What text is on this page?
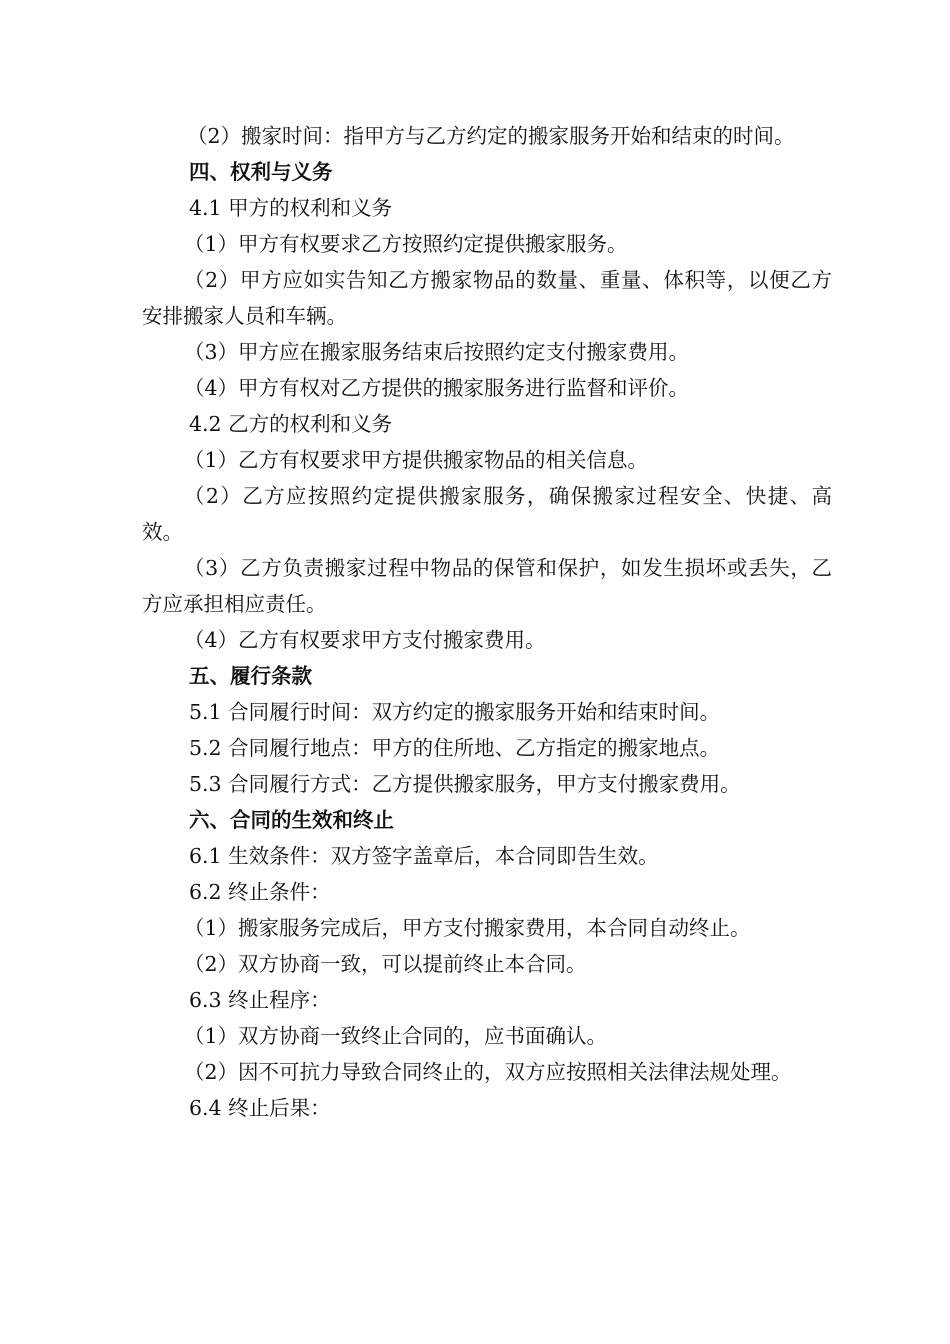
（2）搬家时间：指甲方与乙方约定的搬家服务开始和结束的时间。

四、权利与义务

4.1 甲方的权利和义务

（1）甲方有权要求乙方按照约定提供搬家服务。

（2）甲方应如实告知乙方搬家物品的数量、重量、体积等，以便乙方安排搬家人员和车辆。

（3）甲方应在搬家服务结束后按照约定支付搬家费用。

（4）甲方有权对乙方提供的搬家服务进行监督和评价。

4.2 乙方的权利和义务

（1）乙方有权要求甲方提供搬家物品的相关信息。

（2）乙方应按照约定提供搬家服务，确保搬家过程安全、快捷、高效。

（3）乙方负责搬家过程中物品的保管和保护，如发生损坏或丢失，乙方应承担相应责任。

（4）乙方有权要求甲方支付搬家费用。

五、履行条款

5.1 合同履行时间：双方约定的搬家服务开始和结束时间。

5.2 合同履行地点：甲方的住所地、乙方指定的搬家地点。

5.3 合同履行方式：乙方提供搬家服务，甲方支付搬家费用。

六、合同的生效和终止

6.1 生效条件：双方签字盖章后，本合同即告生效。

6.2 终止条件：

（1）搬家服务完成后，甲方支付搬家费用，本合同自动终止。

（2）双方协商一致，可以提前终止本合同。

6.3 终止程序：

（1）双方协商一致终止合同的，应书面确认。

（2）因不可抗力导致合同终止的，双方应按照相关法律法规处理。

6.4 终止后果：
